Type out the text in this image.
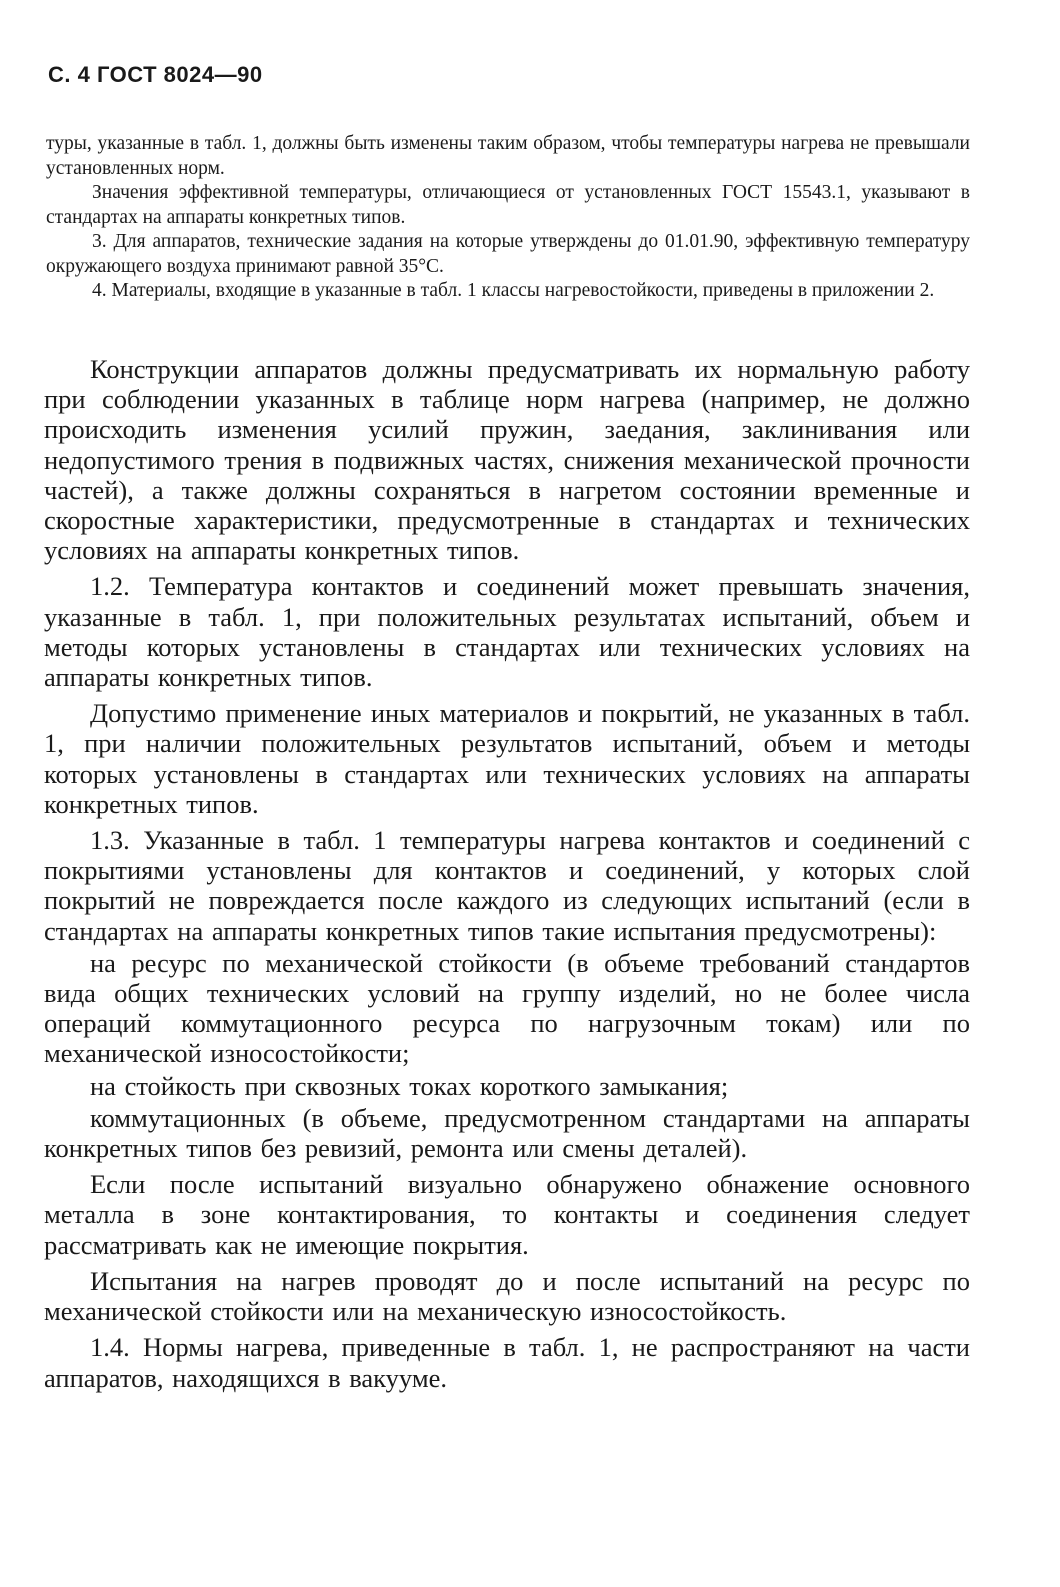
С. 4 ГОСТ 8024—90

туры, указанные в табл. 1, должны быть изменены таким образом, чтобы температуры нагрева не превышали установленных норм.

Значения эффективной температуры, отличающиеся от установленных ГОСТ 15543.1, указывают в стандартах на аппараты конкретных типов.

3. Для аппаратов, технические задания на которые утверждены до 01.01.90, эффективную температуру окружающего воздуха принимают равной 35°С.

4. Материалы, входящие в указанные в табл. 1 классы нагревостойкости, приведены в приложении 2.

Конструкции аппаратов должны предусматривать их нормальную работу при соблюдении указанных в таблице норм нагрева (например, не должно происходить изменения усилий пружин, заедания, заклинивания или недопустимого трения в подвижных частях, снижения механической прочности частей), а также должны сохраняться в нагретом состоянии временные и скоростные характеристики, предусмотренные в стандартах и технических условиях на аппараты конкретных типов.

1.2. Температура контактов и соединений может превышать значения, указанные в табл. 1, при положительных результатах испытаний, объем и методы которых установлены в стандартах или технических условиях на аппараты конкретных типов.

Допустимо применение иных материалов и покрытий, не указанных в табл. 1, при наличии положительных результатов испытаний, объем и методы которых установлены в стандартах или технических условиях на аппараты конкретных типов.

1.3. Указанные в табл. 1 температуры нагрева контактов и соединений с покрытиями установлены для контактов и соединений, у которых слой покрытий не повреждается после каждого из следующих испытаний (если в стандартах на аппараты конкретных типов такие испытания предусмотрены):

на ресурс по механической стойкости (в объеме требований стандартов вида общих технических условий на группу изделий, но не более числа операций коммутационного ресурса по нагрузочным токам) или по механической износостойкости;

на стойкость при сквозных токах короткого замыкания;

коммутационных (в объеме, предусмотренном стандартами на аппараты конкретных типов без ревизий, ремонта или смены деталей).

Если после испытаний визуально обнаружено обнажение основного металла в зоне контактирования, то контакты и соединения следует рассматривать как не имеющие покрытия.

Испытания на нагрев проводят до и после испытаний на ресурс по механической стойкости или на механическую износостойкость.

1.4. Нормы нагрева, приведенные в табл. 1, не распространяют на части аппаратов, находящихся в вакууме.
